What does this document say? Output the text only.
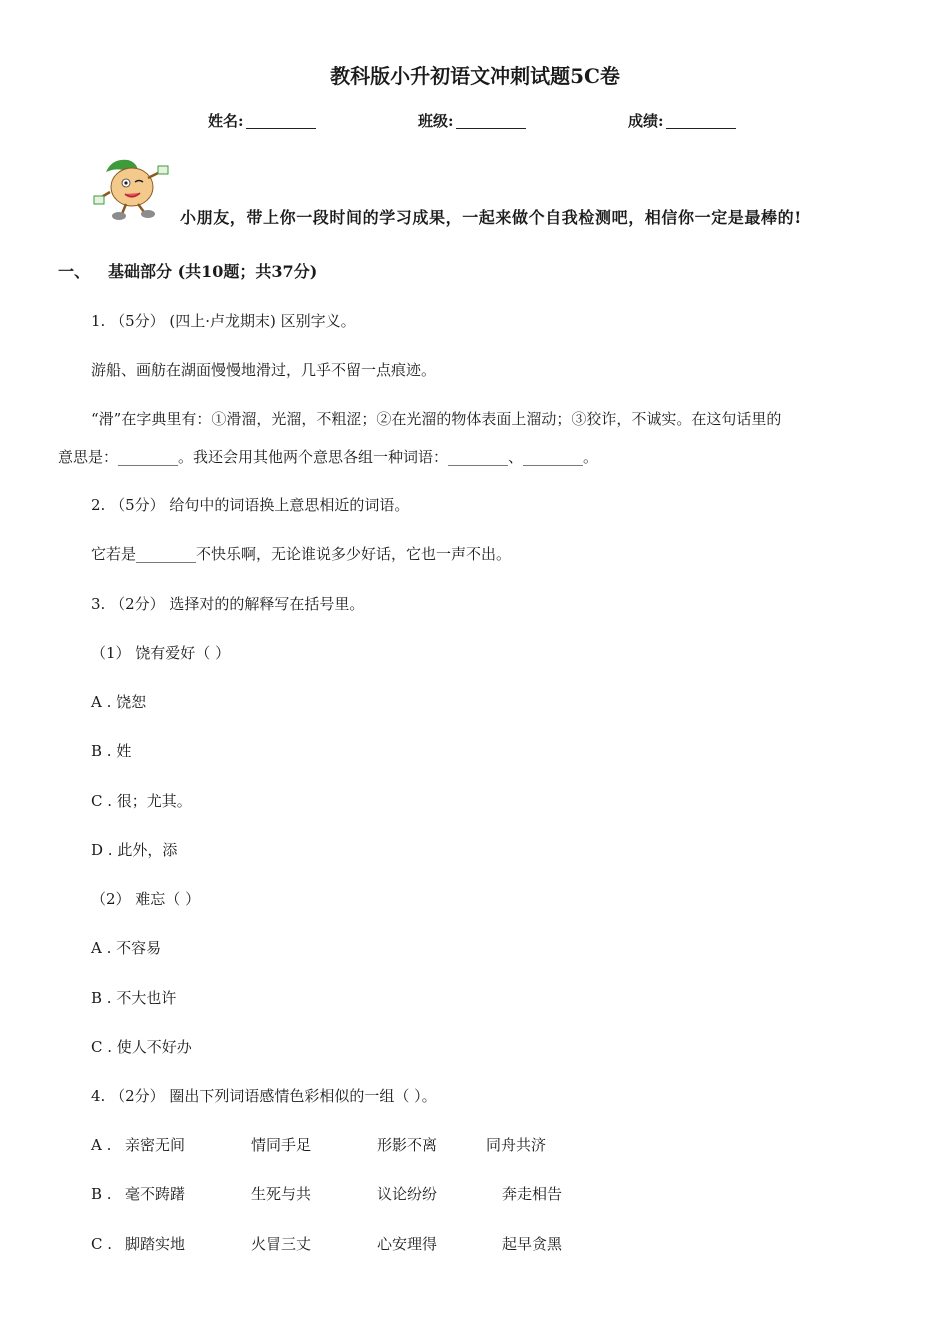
教科版小升初语文冲刺试题5C卷
姓名:	班级:	成绩:
小朋友，带上你一段时间的学习成果，一起来做个自我检测吧，相信你一定是最棒的!
一、 基础部分 (共10题；共37分)
1. （5分） (四上·卢龙期末) 区别字义。
游船、画舫在湖面慢慢地滑过，几乎不留一点痕迹。
“滑”在字典里有：①滑溜，光溜，不粗涩；②在光溜的物体表面上溜动；③狡诈，不诚实。在这句话里的
意思是：________。我还会用其他两个意思各组一种词语：________、________。
2. （5分） 给句中的词语换上意思相近的词语。
它若是________不快乐啊，无论谁说多少好话，它也一声不出。
3. （2分） 选择对的的解释写在括号里。
（1） 饶有爱好（ ）
A . 饶恕
B . 姓
C . 很；尤其。
D . 此外，添
（2） 难忘（ ）
A . 不容易
B . 不大也许
C . 使人不好办
4. （2分） 圈出下列词语感情色彩相似的一组（ ）。
A . 亲密无间	情同手足	形影不离	同舟共济
B . 毫不踌躇	生死与共	议论纷纷	奔走相告
C . 脚踏实地	火冒三丈	心安理得	起早贪黑
